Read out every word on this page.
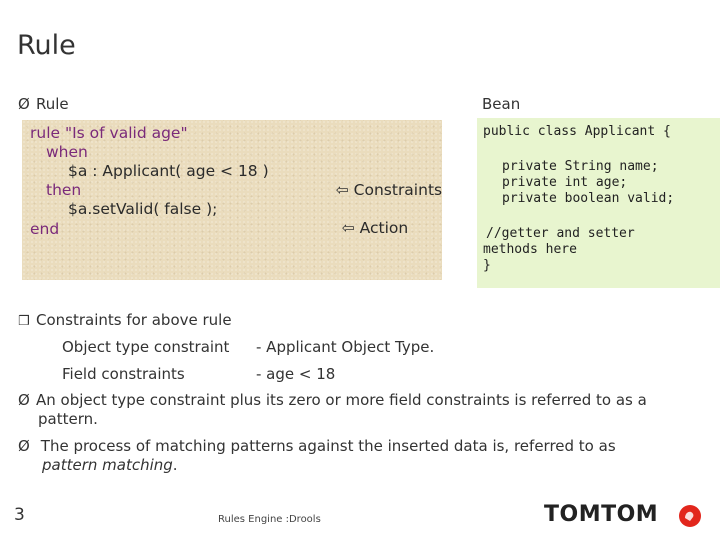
Rule
Ø Rule	Bean
rule "Is of valid age"
when
$a : Applicant( age < 18 )
then
$a.setValid( false );
end

⇦ Constraints

⇦ Action

public class Applicant {
private String name;
private int age;
private boolean valid;
//getter and setter
methods here
}
❒ Constraints for above rule
Object type constraint - Applicant Object Type.
Field constraints	- age < 18
Ø An object type constraint plus its zero or more field constraints is referred to as a
pattern.
Ø The process of matching patterns against the inserted data is, referred to as
pattern matching.
3	Rules Engine :Drools	TOMTOM
